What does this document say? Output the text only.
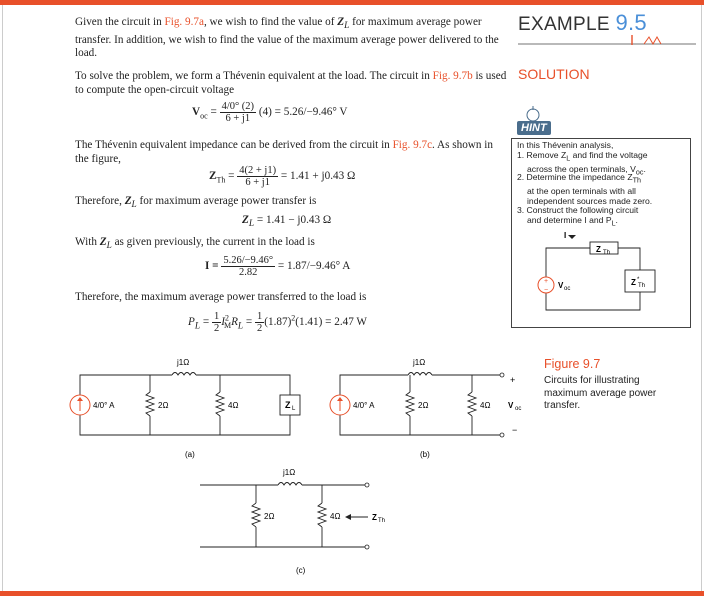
EXAMPLE 9.5
SOLUTION
Given the circuit in Fig. 9.7a, we wish to find the value of $Z_L$ for maximum average power transfer. In addition, we wish to find the value of the maximum average power delivered to the load.
To solve the problem, we form a Thévenin equivalent at the load. The circuit in Fig. 9.7b is used to compute the open-circuit voltage
$V_{oc} = \frac{4/0^\circ (2)}{6 + j1} (4) = 5.26/-9.46^\circ$ V
The Thévenin equivalent impedance can be derived from the circuit in Fig. 9.7c. As shown in the figure,
$Z_{Th} = \frac{4(2 + j1)}{6 + j1} = 1.41 + j0.43$ Ω
Therefore, $Z_L$ for maximum average power transfer is
$Z_L = 1.41 - j0.43$ Ω
With $Z_L$ as given previously, the current in the load is
$I = \frac{5.26/-9.46^\circ}{2.82} = 1.87/-9.46^\circ$ A
Therefore, the maximum average power transferred to the load is
$P_L = \frac{1}{2} I^2_MR_L = \frac{1}{2} (1.87)^2(1.41) = 2.47$ W
HINT
In this Thévenin analysis,
1. Remove $Z_L$ and find the voltage
across the open terminals, $V_{oc}$.
2. Determine the impedance $Z_{Th}$
at the open terminals with all
independent sources made zero.
3. Construct the following circuit
and determine I and $P_L$.
+
−
I
Z Th
V oc
Z *
Th
Figure 9.7
Circuits for illustrating maximum average power transfer.
Z L
4/0° A	2Ω	4Ω
j1Ω
(a)
4/0° A	2Ω	4Ω
j1Ω
+
−
V oc
(b)
2Ω	4Ω
j1Ω
Z Th
(c)
